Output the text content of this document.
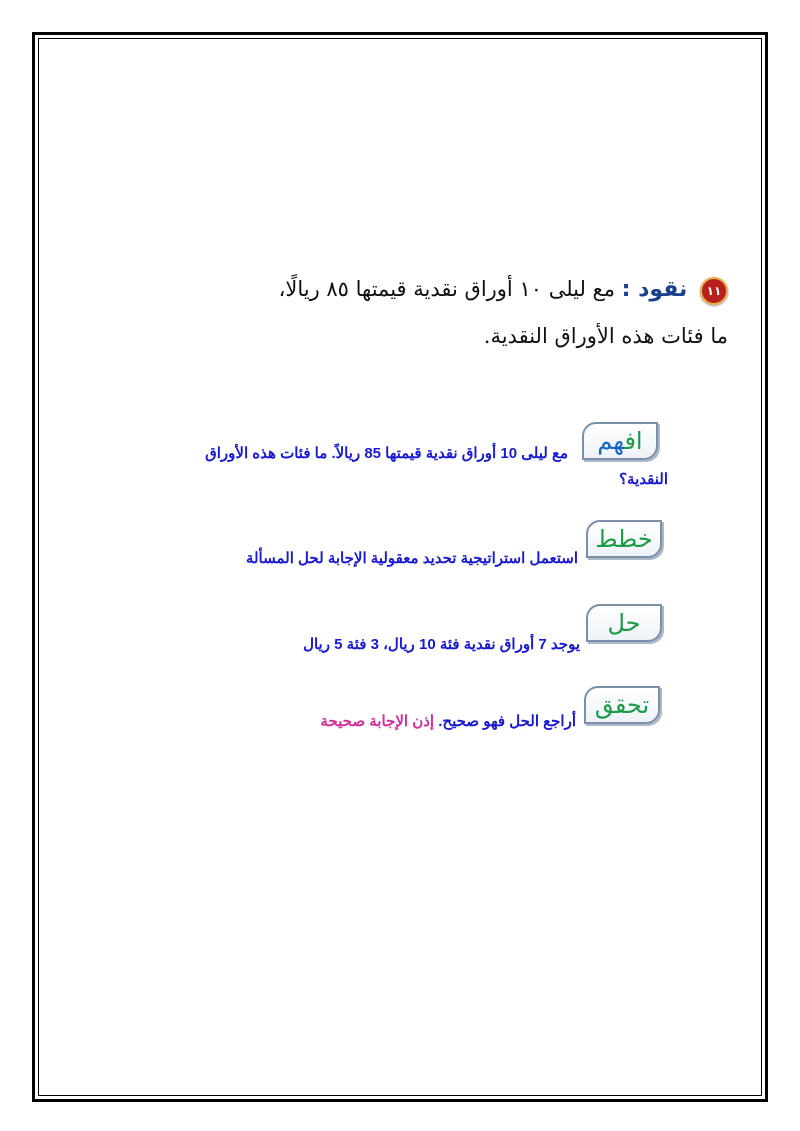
١١ نقود : مع ليلى ١٠ أوراق نقدية قيمتها ٨٥ ريالًا،
ما فئات هذه الأوراق النقدية.
افهم
مع ليلى 10 أوراق نقدية قيمتها 85 ريالاً. ما فئات هذه الأوراق
النقدية؟
خطط
استعمل استراتيجية تحديد معقولية الإجابة لحل المسألة
حل
يوجد 7 أوراق نقدية فئة 10 ريال، 3 فئة 5 ريال
تحقق
أراجع الحل فهو صحيح. إذن الإجابة صحيحة
